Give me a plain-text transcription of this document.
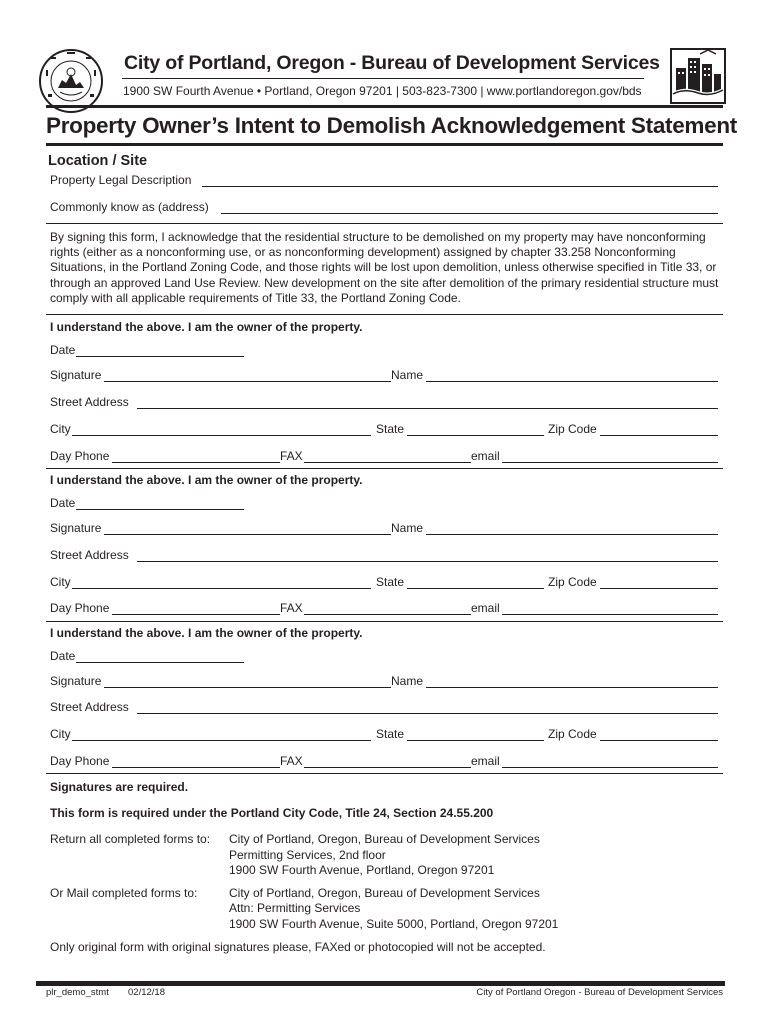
City of Portland, Oregon - Bureau of Development Services
1900 SW Fourth Avenue • Portland, Oregon 97201 | 503-823-7300 | www.portlandoregon.gov/bds
Property Owner’s Intent to Demolish Acknowledgement Statement
Location / Site
Property Legal Description
Commonly know as (address)
By signing this form, I acknowledge that the residential structure to be demolished on my property may have nonconforming rights (either as a nonconforming use, or as nonconforming development) assigned by chapter 33.258 Nonconforming Situations, in the Portland Zoning Code, and those rights will be lost upon demolition, unless otherwise specified in Title 33, or through an approved Land Use Review. New development on the site after demolition of the primary residential structure must comply with all applicable requirements of Title 33, the Portland Zoning Code.
I understand the above. I am the owner of the property.
Date
Signature	Name
Street Address
City	State	Zip Code
Day Phone	FAX	email
I understand the above. I am the owner of the property.
Date
Signature	Name
Street Address
City	State	Zip Code
Day Phone	FAX	email
I understand the above. I am the owner of the property.
Date
Signature	Name
Street Address
City	State	Zip Code
Day Phone	FAX	email
Signatures are required.
This form is required under the Portland City Code, Title 24, Section 24.55.200
Return all completed forms to: City of Portland, Oregon, Bureau of Development Services
Permitting Services, 2nd floor
1900 SW Fourth Avenue, Portland, Oregon 97201
Or Mail completed forms to:	City of Portland, Oregon, Bureau of Development Services
Attn: Permitting Services
1900 SW Fourth Avenue, Suite 5000, Portland, Oregon 97201
Only original form with original signatures please, FAXed or photocopied will not be accepted.
plr_demo_stmt 02/12/18	City of Portland Oregon - Bureau of Development Services
